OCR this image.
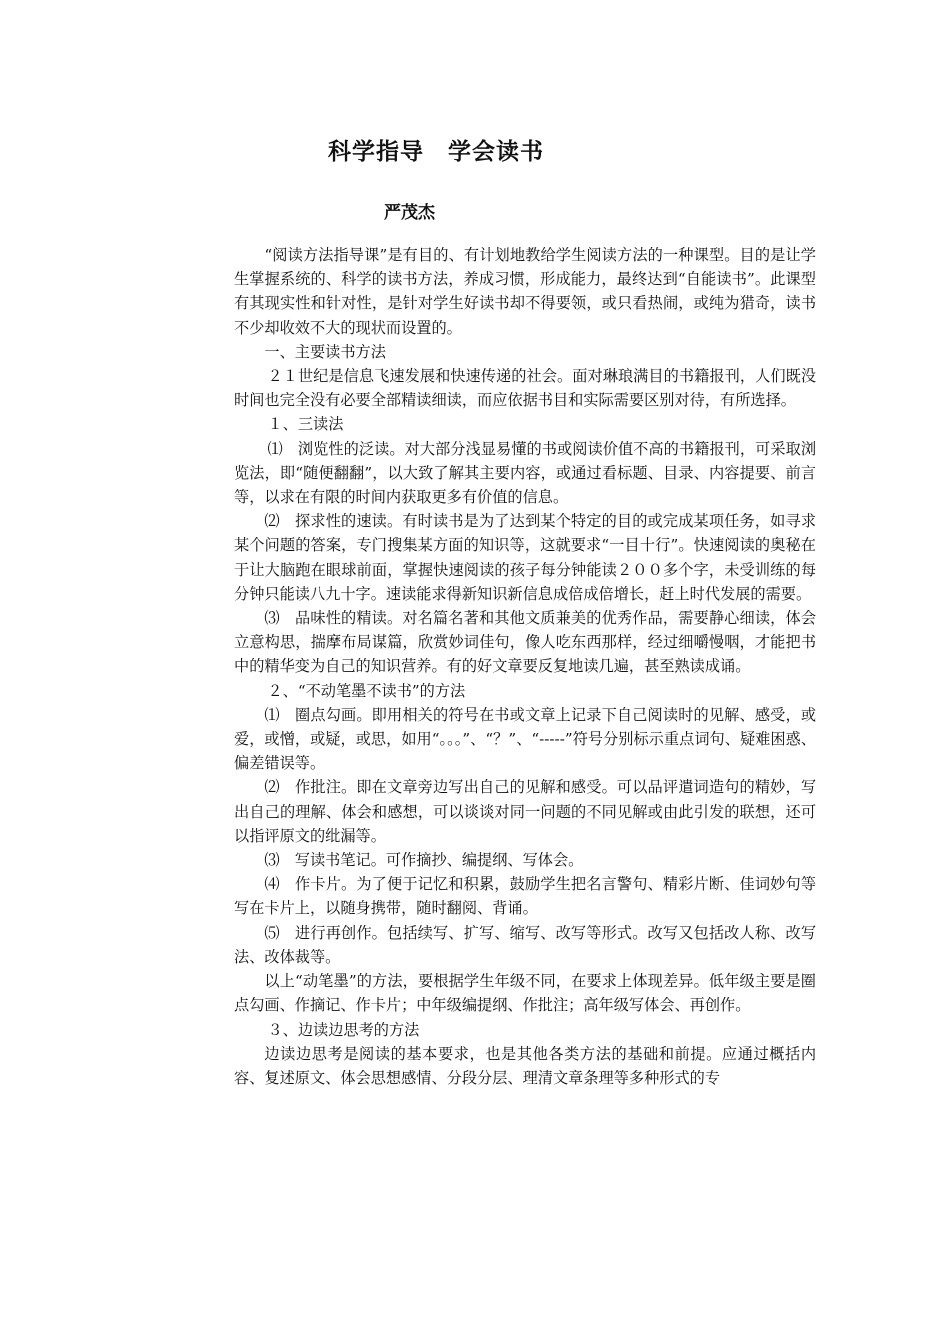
科学指导　学会读书
严茂杰

“阅读方法指导课”是有目的、有计划地教给学生阅读方法的一种课型。目的是让学生掌握系统的、科学的读书方法，养成习惯，形成能力，最终达到“自能读书”。此课型有其现实性和针对性，是针对学生好读书却不得要领，或只看热闹，或纯为猎奇，读书不少却收效不大的现状而设置的。

一、主要读书方法

２１世纪是信息飞速发展和快速传递的社会。面对琳琅满目的书籍报刊，人们既没时间也完全没有必要全部精读细读，而应依据书目和实际需要区别对待，有所选择。

１、三读法

⑴　浏览性的泛读。对大部分浅显易懂的书或阅读价值不高的书籍报刊，可采取浏览法，即“随便翻翻”，以大致了解其主要内容，或通过看标题、目录、内容提要、前言等，以求在有限的时间内获取更多有价值的信息。

⑵　探求性的速读。有时读书是为了达到某个特定的目的或完成某项任务，如寻求某个问题的答案，专门搜集某方面的知识等，这就要求“一目十行”。快速阅读的奥秘在于让大脑跑在眼球前面，掌握快速阅读的孩子每分钟能读２００多个字，未受训练的每分钟只能读八九十字。速读能求得新知识新信息成倍成倍增长，赶上时代发展的需要。

⑶　品味性的精读。对名篇名著和其他文质兼美的优秀作品，需要静心细读，体会立意构思，揣摩布局谋篇，欣赏妙词佳句，像人吃东西那样，经过细嚼慢咽，才能把书中的精华变为自己的知识营养。有的好文章要反复地读几遍，甚至熟读成诵。

２、“不动笔墨不读书”的方法

⑴　圈点勾画。即用相关的符号在书或文章上记录下自己阅读时的见解、感受，或爱，或憎，或疑，或思，如用“。。。”、“？”、“-----”符号分别标示重点词句、疑难困惑、偏差错误等。

⑵　作批注。即在文章旁边写出自己的见解和感受。可以品评遣词造句的精妙，写出自己的理解、体会和感想，可以谈谈对同一问题的不同见解或由此引发的联想，还可以指评原文的纰漏等。

⑶　写读书笔记。可作摘抄、编提纲、写体会。

⑷　作卡片。为了便于记忆和积累，鼓励学生把名言警句、精彩片断、佳词妙句等写在卡片上，以随身携带，随时翻阅、背诵。

⑸　进行再创作。包括续写、扩写、缩写、改写等形式。改写又包括改人称、改写法、改体裁等。

以上“动笔墨”的方法，要根据学生年级不同，在要求上体现差异。低年级主要是圈点勾画、作摘记、作卡片；中年级编提纲、作批注；高年级写体会、再创作。

３、边读边思考的方法

边读边思考是阅读的基本要求，也是其他各类方法的基础和前提。应通过概括内容、复述原文、体会思想感情、分段分层、理清文章条理等多种形式的专
